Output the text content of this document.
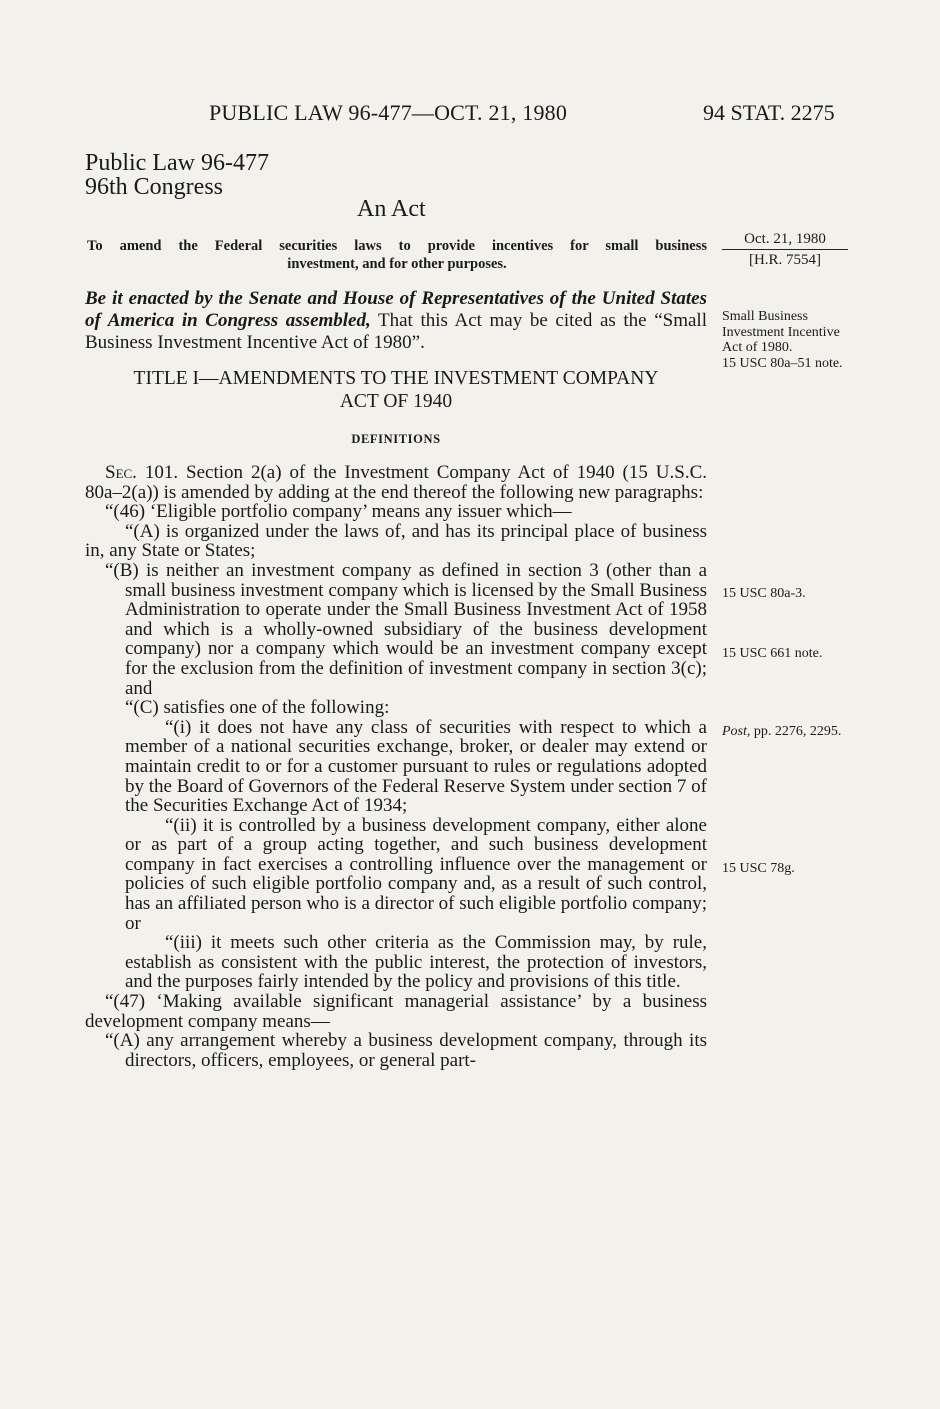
PUBLIC LAW 96-477—OCT. 21, 1980	94 STAT. 2275
Public Law 96-477
96th Congress
An Act
To amend the Federal securities laws to provide incentives for small business
investment, and for other purposes.
Oct. 21, 1980
[H.R. 7554]
Be it enacted by the Senate and House of Representatives of the United States of America in Congress assembled, That this Act may be cited as the “Small Business Investment Incentive Act of 1980”.
Small Business Investment Incentive Act of 1980.
15 USC 80a–51 note.
TITLE I—AMENDMENTS TO THE INVESTMENT COMPANY
ACT OF 1940
DEFINITIONS

Sec. 101. Section 2(a) of the Investment Company Act of 1940 (15 U.S.C. 80a–2(a)) is amended by adding at the end thereof the following new paragraphs:

“(46) ‘Eligible portfolio company’ means any issuer which—

“(A) is organized under the laws of, and has its principal place of business in, any State or States;

“(B) is neither an investment company as defined in section 3 (other than a small business investment company which is licensed by the Small Business Administration to operate under the Small Business Investment Act of 1958 and which is a wholly-owned subsidiary of the business development company) nor a company which would be an investment company except for the exclusion from the definition of investment company in section 3(c); and

“(C) satisfies one of the following:

“(i) it does not have any class of securities with respect to which a member of a national securities exchange, broker, or dealer may extend or maintain credit to or for a customer pursuant to rules or regulations adopted by the Board of Governors of the Federal Reserve System under section 7 of the Securities Exchange Act of 1934;

“(ii) it is controlled by a business development company, either alone or as part of a group acting together, and such business development company in fact exercises a controlling influence over the management or policies of such eligible portfolio company and, as a result of such control, has an affiliated person who is a director of such eligible portfolio company; or

“(iii) it meets such other criteria as the Commission may, by rule, establish as consistent with the public interest, the protection of investors, and the purposes fairly intended by the policy and provisions of this title.

“(47) ‘Making available significant managerial assistance’ by a business development company means—

“(A) any arrangement whereby a business development company, through its directors, officers, employees, or general part-

15 USC 80a-3.
15 USC 661 note.
Post, pp. 2276, 2295.
15 USC 78g.
